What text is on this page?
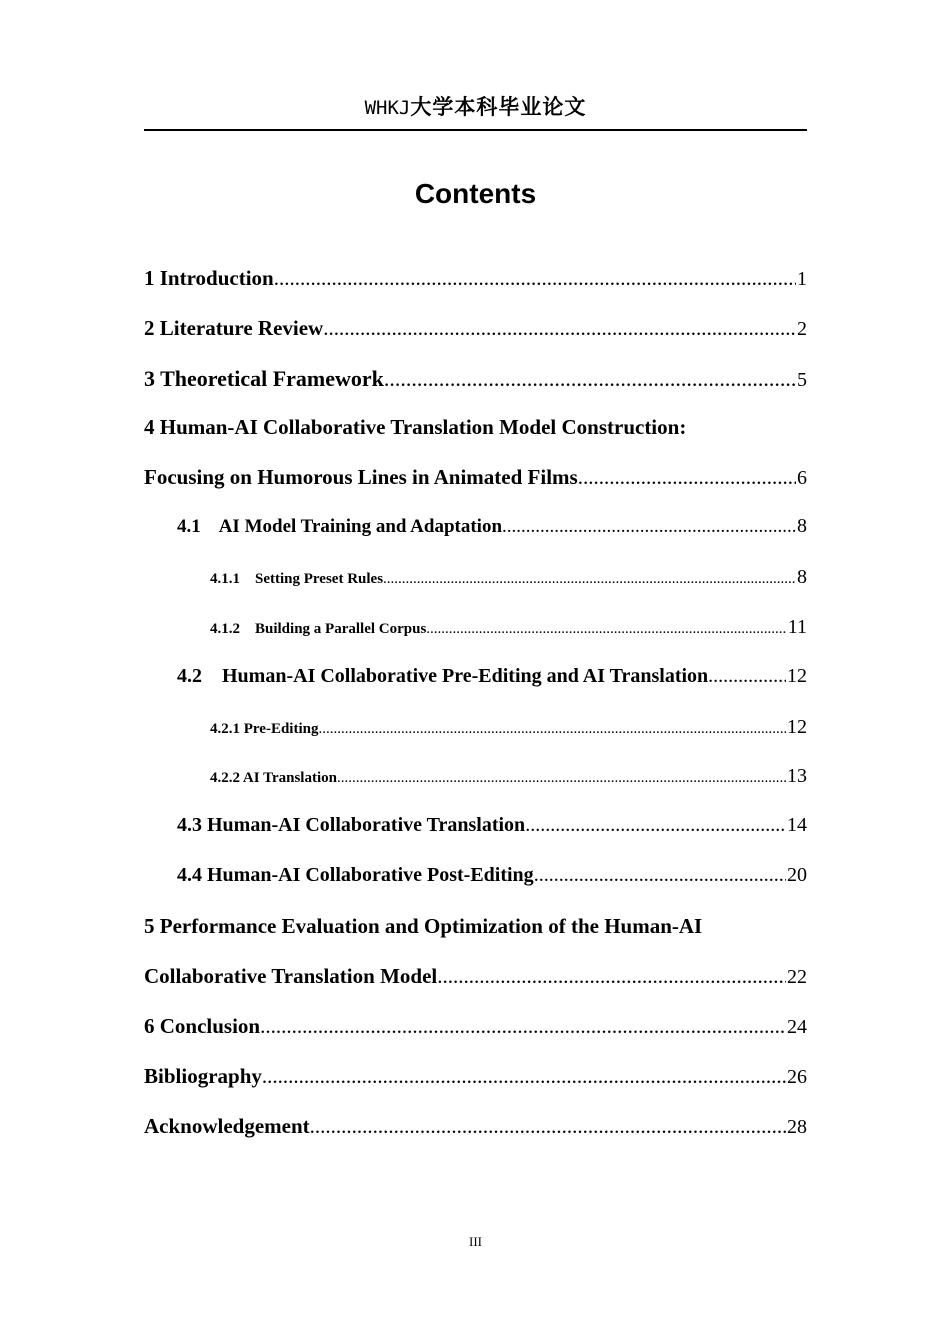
WHKJ大学本科毕业论文
Contents
1 Introduction .....	1
2 Literature Review .....	2
3 Theoretical Framework .....	5
4 Human-AI Collaborative Translation Model Construction:
Focusing on Humorous Lines in Animated Films .....	6
4.1    AI Model Training and Adaptation .....	8
4.1.1    Setting Preset Rules .....	8
4.1.2    Building a Parallel Corpus .....	11
4.2    Human-AI Collaborative Pre-Editing and AI Translation .....	12
4.2.1 Pre-Editing .....	12
4.2.2 AI Translation .....	13
4.3 Human-AI Collaborative Translation .....	14
4.4 Human-AI Collaborative Post-Editing .....	20
5 Performance Evaluation and Optimization of the Human-AI
Collaborative Translation Model .....	22
6 Conclusion .....	24
Bibliography .....	26
Acknowledgement .....	28
III
